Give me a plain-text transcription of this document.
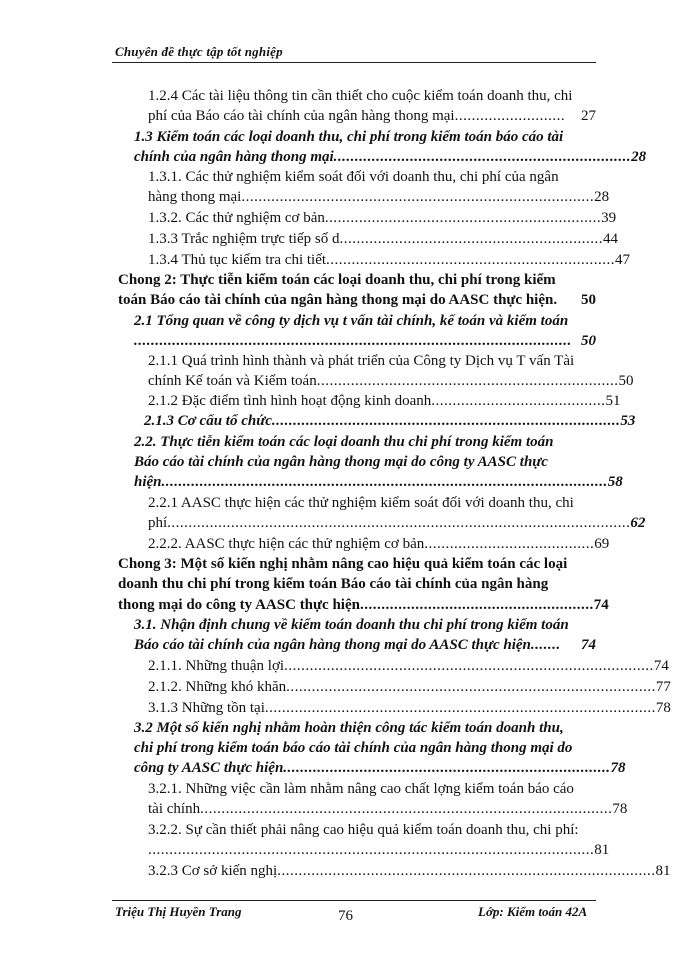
Chuyên đề thực tập tốt nghiệp
1.2.4 Các tài liệu thông tin cần thiết cho cuộc kiểm toán doanh thu, chi
phí của Báo cáo tài chính của ngân hàng thong mại ..........................	27
1.3 Kiểm toán các loại doanh thu, chi phí trong kiểm toán báo cáo tài
chính của ngân hàng thong mại ...................................................................... 28
1.3.1. Các thử nghiệm kiểm soát đối với doanh thu, chi phí của ngân
hàng thong mại ................................................................................... 28
1.3.2. Các thử nghiệm cơ bản ................................................................. 39
1.3.3 Trắc nghiệm trực tiếp số d .............................................................. 44
1.3.4 Thủ tục kiểm tra chi tiết .................................................................... 47
Chong 2: Thực tiễn kiểm toán các loại doanh thu, chi phí trong kiểm
toán Báo cáo tài chính của ngân hàng thong mại do AASC thực hiện .	50
2.1 Tổng quan về công ty dịch vụ t vấn tài chính, kế toán và kiểm toán
....................................................................................................... 50
2.1.1 Quá trình hình thành và phát triển của Công ty Dịch vụ T vấn Tài
chính Kế toán và Kiểm toán ....................................................................... 50
2.1.2 Đặc điểm tình hình hoạt động kinh doanh ......................................... 51
2.1.3 Cơ cấu tổ chức .................................................................................. 53
2.2. Thực tiễn kiểm toán các loại doanh thu chi phí trong kiểm toán
Báo cáo tài chính của ngân hàng thong mại do công ty AASC thực
hiện ......................................................................................................... 58
2.2.1 AASC thực hiện các thử nghiệm kiểm soát đối với doanh thu, chi
phí ............................................................................................................. 62
2.2.2. AASC thực hiện các thử nghiệm cơ bản ........................................ 69
Chong 3: Một số kiến nghị nhằm nâng cao hiệu quả kiểm toán các loại
doanh thu chi phí trong kiểm toán Báo cáo tài chính của ngân hàng
thong mại do công ty AASC thực hiện ....................................................... 74
3.1. Nhận định chung về kiểm toán doanh thu chi phí trong kiểm toán
Báo cáo tài chính của ngân hàng thong mại do AASC thực hiện .......	74
2.1.1. Những thuận lợi ....................................................................................... 74
2.1.2. Những khó khăn ....................................................................................... 77
3.1.3 Những tồn tại ............................................................................................ 78
3.2 Một số kiến nghị nhằm hoàn thiện công tác kiểm toán doanh thu,
chi phí trong kiểm toán báo cáo tài chính của ngân hàng thong mại do
công ty AASC thực hiện ............................................................................. 78
3.2.1. Những việc cần làm nhằm nâng cao chất lợng kiểm toán báo cáo
tài chính ................................................................................................. 78
3.2.2. Sự cần thiết phải nâng cao hiệu quả kiểm toán doanh thu, chi phí:
......................................................................................................... 81
3.2.3 Cơ sở kiến nghị ......................................................................................... 81
Triệu Thị Huyền Trang	76	Lớp: Kiểm toán 42A
